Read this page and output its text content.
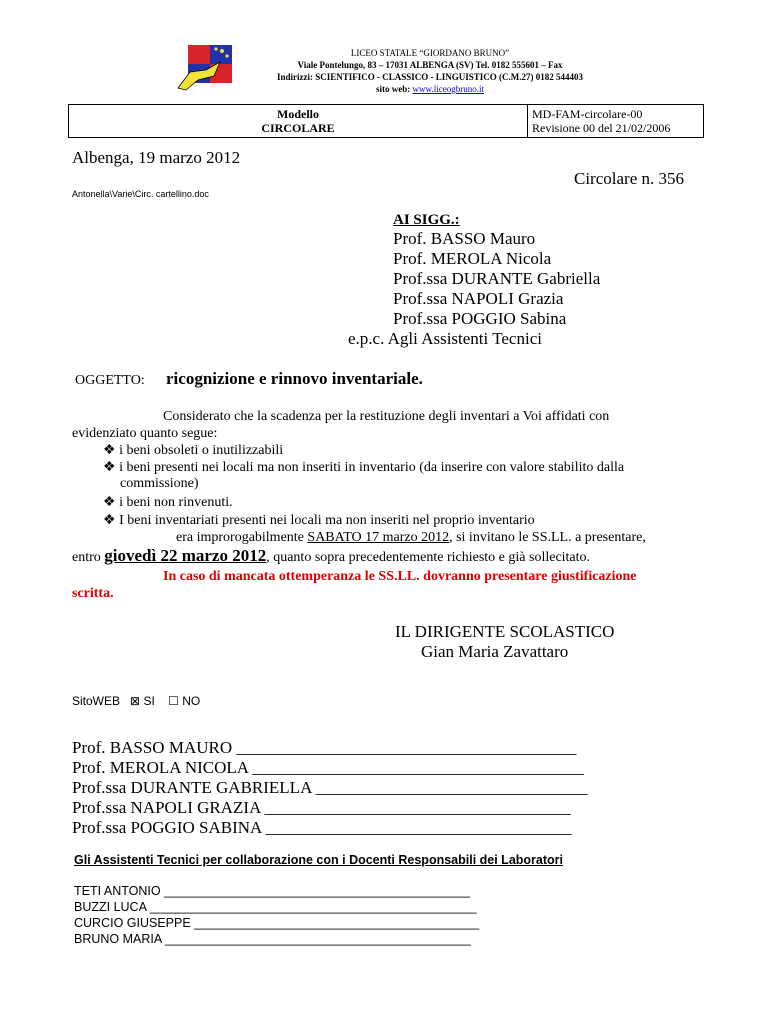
LICEO STATALE “GIORDANO BRUNO”
Viale Pontelungo, 83 – 17031 ALBENGA (SV) Tel. 0182 555601 – Fax
Indirizzi: SCIENTIFICO - CLASSICO - LINGUISTICO (C.M.27) 0182 544403
sito web: www.liceogbruno.it
Modello
CIRCOLARE

MD-FAM-circolare-00
Revisione 00 del 21/02/2006
Albenga, 19 marzo 2012
Circolare n. 356
Antonella\Varie\Circ. cartellino.doc
AI SIGG.:
Prof. BASSO Mauro
Prof. MEROLA Nicola
Prof.ssa DURANTE Gabriella
Prof.ssa NAPOLI Grazia
Prof.ssa POGGIO Sabina
e.p.c. Agli Assistenti Tecnici
OGGETTO: ricognizione e rinnovo inventariale.
Considerato che la scadenza per la restituzione degli inventari a Voi affidati con
evidenziato quanto segue:
❖ i beni obsoleti o inutilizzabili
❖ i beni presenti nei locali ma non inseriti in inventario (da inserire con valore stabilito dalla
commissione)
❖ i beni non rinvenuti.
❖ I beni inventariati presenti nei locali ma non inseriti nel proprio inventario
era improrogabilmente SABATO 17 marzo 2012, si invitano le SS.LL. a presentare,
entro giovedì 22 marzo 2012, quanto sopra precedentemente richiesto e già sollecitato.
In caso di mancata ottemperanza le SS.LL. dovranno presentare giustificazione
scritta.
IL DIRIGENTE SCOLASTICO
Gian Maria Zavattaro
SitoWEB ⊠ SI ☐ NO
Prof. BASSO MAURO ________________________________________
Prof. MEROLA NICOLA _______________________________________
Prof.ssa DURANTE GABRIELLA ________________________________
Prof.ssa NAPOLI GRAZIA ____________________________________
Prof.ssa POGGIO SABINA ____________________________________
Gli Assistenti Tecnici per collaborazione con i Docenti Responsabili dei Laboratori
TETI ANTONIO ____________________________________________
BUZZI LUCA _______________________________________________
CURCIO GIUSEPPE _________________________________________
BRUNO MARIA ____________________________________________
